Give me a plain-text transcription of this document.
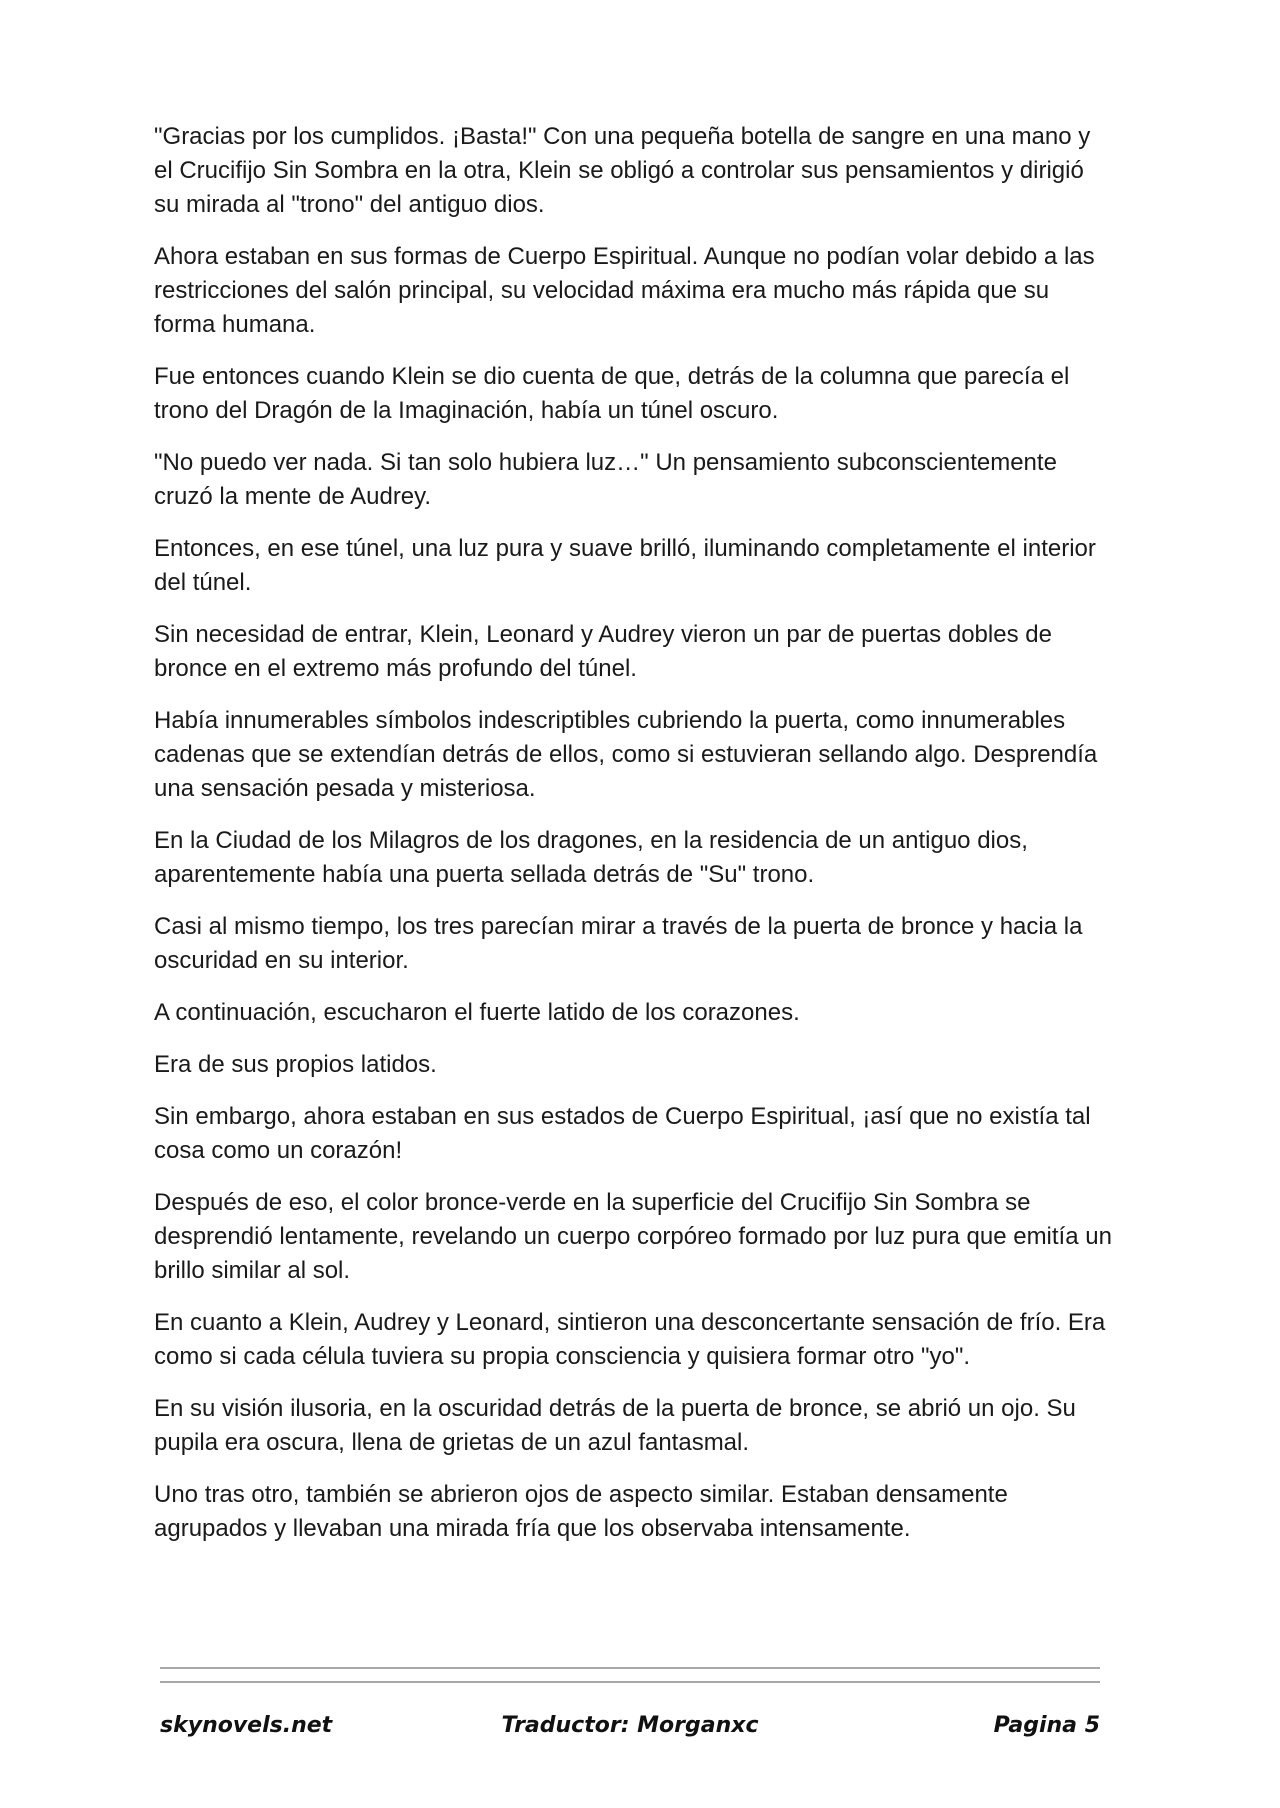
"Gracias por los cumplidos. ¡Basta!" Con una pequeña botella de sangre en una mano y el Crucifijo Sin Sombra en la otra, Klein se obligó a controlar sus pensamientos y dirigió su mirada al "trono" del antiguo dios.

Ahora estaban en sus formas de Cuerpo Espiritual. Aunque no podían volar debido a las restricciones del salón principal, su velocidad máxima era mucho más rápida que su forma humana.

Fue entonces cuando Klein se dio cuenta de que, detrás de la columna que parecía el trono del Dragón de la Imaginación, había un túnel oscuro.

"No puedo ver nada. Si tan solo hubiera luz…" Un pensamiento subconscientemente cruzó la mente de Audrey.

Entonces, en ese túnel, una luz pura y suave brilló, iluminando completamente el interior del túnel.

Sin necesidad de entrar, Klein, Leonard y Audrey vieron un par de puertas dobles de bronce en el extremo más profundo del túnel.

Había innumerables símbolos indescriptibles cubriendo la puerta, como innumerables cadenas que se extendían detrás de ellos, como si estuvieran sellando algo. Desprendía una sensación pesada y misteriosa.

En la Ciudad de los Milagros de los dragones, en la residencia de un antiguo dios, aparentemente había una puerta sellada detrás de "Su" trono.

Casi al mismo tiempo, los tres parecían mirar a través de la puerta de bronce y hacia la oscuridad en su interior.

A continuación, escucharon el fuerte latido de los corazones.

Era de sus propios latidos.

Sin embargo, ahora estaban en sus estados de Cuerpo Espiritual, ¡así que no existía tal cosa como un corazón!

Después de eso, el color bronce-verde en la superficie del Crucifijo Sin Sombra se desprendió lentamente, revelando un cuerpo corpóreo formado por luz pura que emitía un brillo similar al sol.

En cuanto a Klein, Audrey y Leonard, sintieron una desconcertante sensación de frío. Era como si cada célula tuviera su propia consciencia y quisiera formar otro "yo".

En su visión ilusoria, en la oscuridad detrás de la puerta de bronce, se abrió un ojo. Su pupila era oscura, llena de grietas de un azul fantasmal.

Uno tras otro, también se abrieron ojos de aspecto similar. Estaban densamente agrupados y llevaban una mirada fría que los observaba intensamente.

skynovels.net	Traductor: Morganxc	Pagina 5
